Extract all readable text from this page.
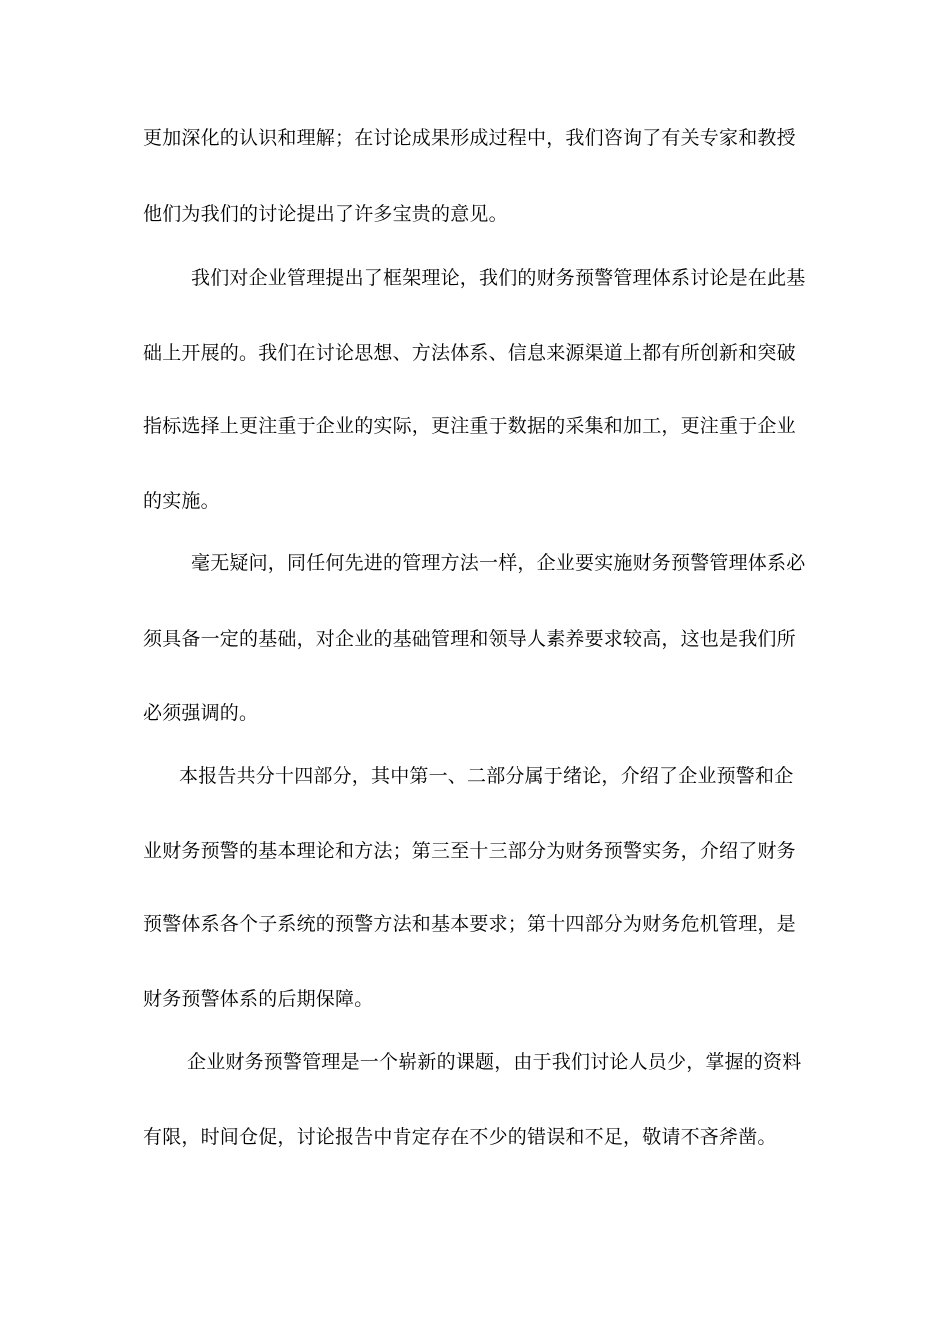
更加深化的认识和理解；在讨论成果形成过程中，我们咨询了有关专家和教授
他们为我们的讨论提出了许多宝贵的意见。
我们对企业管理提出了框架理论，我们的财务预警管理体系讨论是在此基
础上开展的。我们在讨论思想、方法体系、信息来源渠道上都有所创新和突破
指标选择上更注重于企业的实际，更注重于数据的采集和加工，更注重于企业
的实施。
毫无疑问，同任何先进的管理方法一样，企业要实施财务预警管理体系必
须具备一定的基础，对企业的基础管理和领导人素养要求较高，这也是我们所
必须强调的。
本报告共分十四部分，其中第一、二部分属于绪论，介绍了企业预警和企
业财务预警的基本理论和方法；第三至十三部分为财务预警实务，介绍了财务
预警体系各个子系统的预警方法和基本要求；第十四部分为财务危机管理，是
财务预警体系的后期保障。
企业财务预警管理是一个崭新的课题，由于我们讨论人员少，掌握的资料
有限，时间仓促，讨论报告中肯定存在不少的错误和不足，敬请不吝斧凿。
